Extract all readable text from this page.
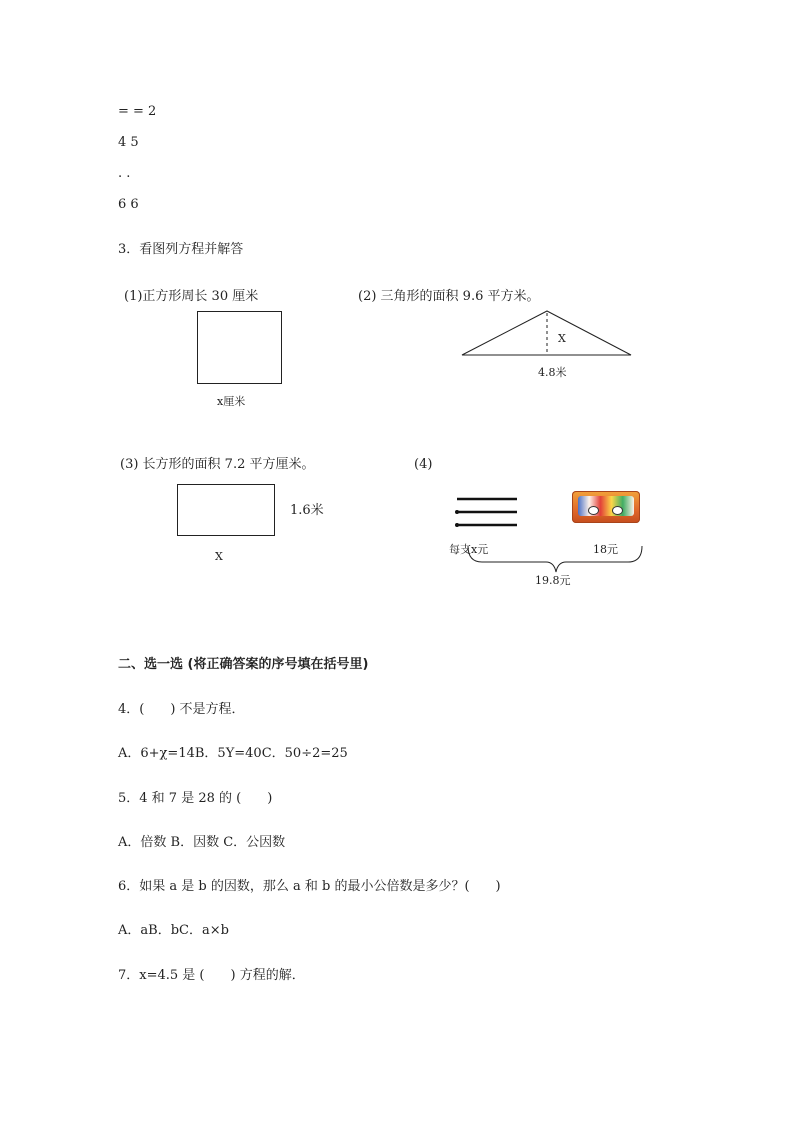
= = 2
4 5
. .
6 6
3．看图列方程并解答
(1)正方形周长 30 厘米
x厘米
(2) 三角形的面积 9.6 平方米。
X
4.8米
(3) 长方形的面积 7.2 平方厘米。
1.6米
X
(4)
每支x元	18元
19.8元
二、选一选 (将正确答案的序号填在括号里)
4．(　　) 不是方程．
A．6+χ=14B．5Y=40C．50÷2=25
5．4 和 7 是 28 的 (　　)
A．倍数 B．因数 C．公因数
6．如果 a 是 b 的因数，那么 a 和 b 的最小公倍数是多少？(　　)
A．aB．bC．a×b
7．x=4.5 是 (　　) 方程的解．
